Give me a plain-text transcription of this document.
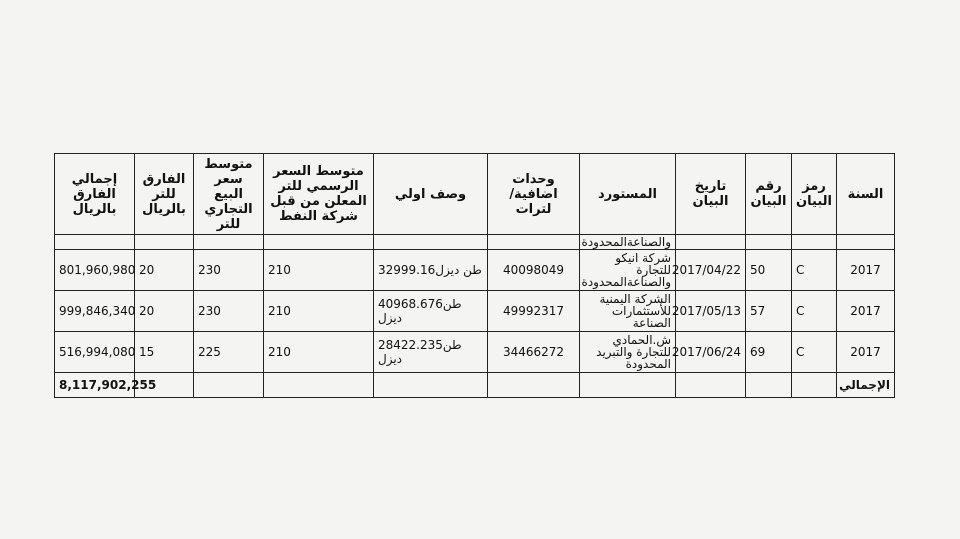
السنة	رمز البيان	رقم البيان	تاريخ البيان	المستورد	وحدات اضافية/لترات	وصف اولي	متوسط السعر الرسمي للتر المعلن من قبل شركة النفط	متوسط سعر البيع التجاري للتر	الفارق للتر بالريال	إجمالي الفارق بالريال
				والصناعةالمحدودة						
2017	C	50	2017/04/22	شركة انيكو للتجارة والصناعةالمحدودة	40098049	32999.16طن ديزل	210	230	20	801,960,980
2017	C	57	2017/05/13	الشركة اليمنية للأستثمارات الصناعة	49992317	40968.676طن ديزل	210	230	20	999,846,340
2017	C	69	2017/06/24	ش.الحمادي للتجارة والتبريد المحدودة	34466272	28422.235طن ديزل	210	225	15	516,994,080
الإجمالي										8,117,902,255
